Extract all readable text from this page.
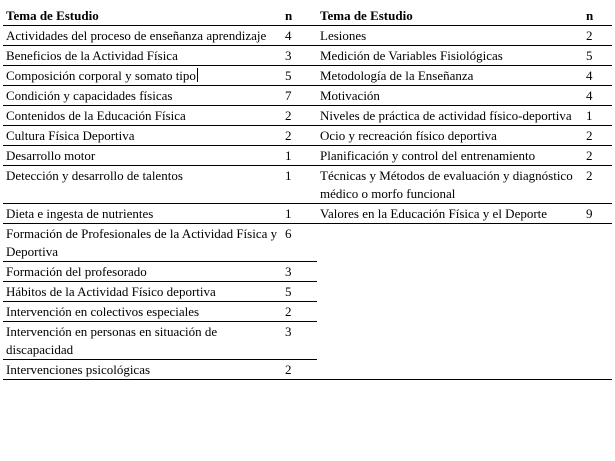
Tema de Estudio	n	Tema de Estudio	n
Actividades del proceso de enseñanza aprendizaje	4	Lesiones	2
Beneficios de la Actividad Física	3	Medición de Variables Fisiológicas	5
Composición corporal y somato tipo	5	Metodología de la Enseñanza	4
Condición y capacidades físicas	7	Motivación	4
Contenidos de la Educación Física	2	Niveles de práctica de actividad físico-deportiva	1
Cultura Física Deportiva	2	Ocio y recreación físico deportiva	2
Desarrollo motor	1	Planificación y control del entrenamiento	2
Detección y desarrollo de talentos	1	Técnicas y Métodos de evaluación y diagnóstico médico o morfo funcional	2
Dieta e ingesta de nutrientes	1	Valores en la Educación Física y el Deporte	9
Formación de Profesionales de la Actividad Física y Deportiva	6		
Formación del profesorado	3		
Hábitos de la Actividad Físico deportiva	5		
Intervención en colectivos especiales	2		
Intervención en personas en situación de discapacidad	3		
Intervenciones psicológicas	2		
